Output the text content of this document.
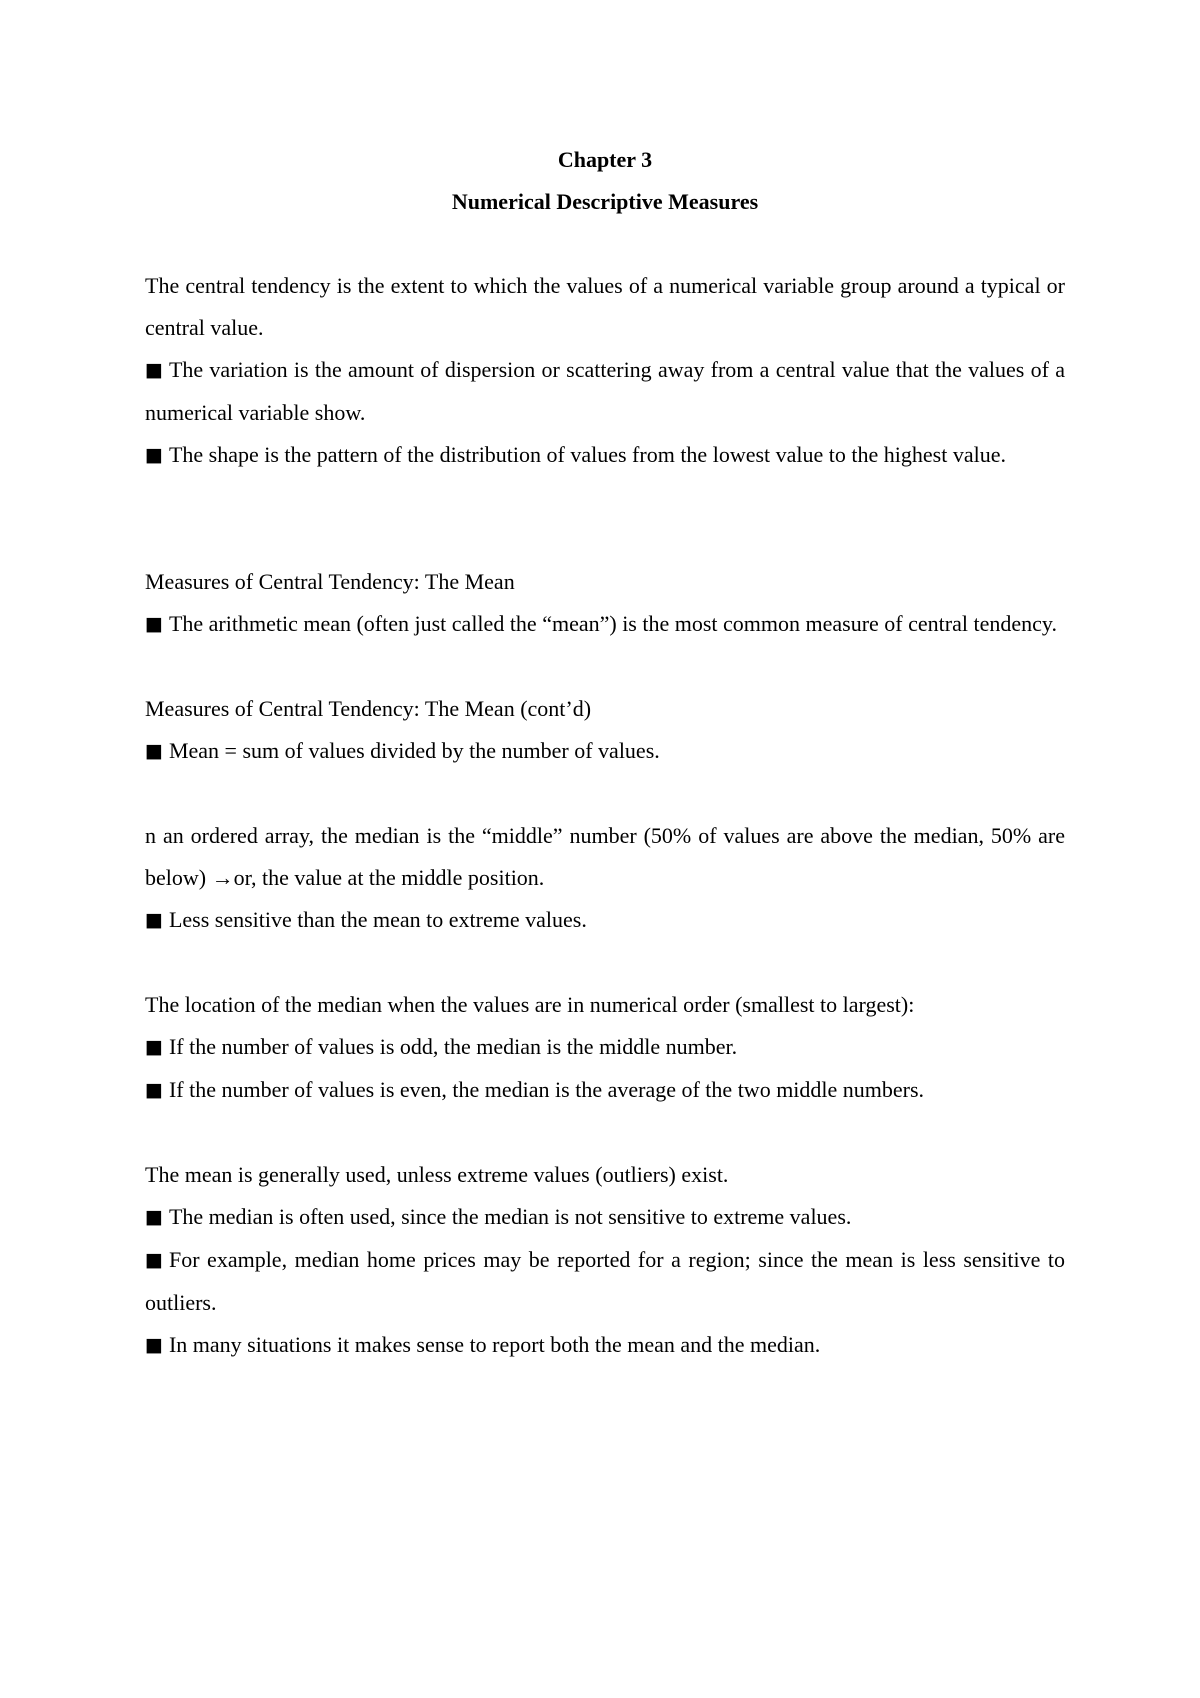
Chapter 3

Numerical Descriptive Measures

The central tendency is the extent to which the values of a numerical variable group around a typical or central value.

■ The variation is the amount of dispersion or scattering away from a central value that the values of a numerical variable show.

■ The shape is the pattern of the distribution of values from the lowest value to the highest value.

Measures of Central Tendency: The Mean

■ The arithmetic mean (often just called the “mean”) is the most common measure of central tendency.

Measures of Central Tendency: The Mean (cont’d)

■ Mean = sum of values divided by the number of values.

n an ordered array, the median is the “middle” number (50% of values are above the median, 50% are below) →or, the value at the middle position.

■ Less sensitive than the mean to extreme values.

The location of the median when the values are in numerical order (smallest to largest):

■ If the number of values is odd, the median is the middle number.

■ If the number of values is even, the median is the average of the two middle numbers.

The mean is generally used, unless extreme values (outliers) exist.

■ The median is often used, since the median is not sensitive to extreme values.

■ For example, median home prices may be reported for a region; since the mean is less sensitive to outliers.

■ In many situations it makes sense to report both the mean and the median.
